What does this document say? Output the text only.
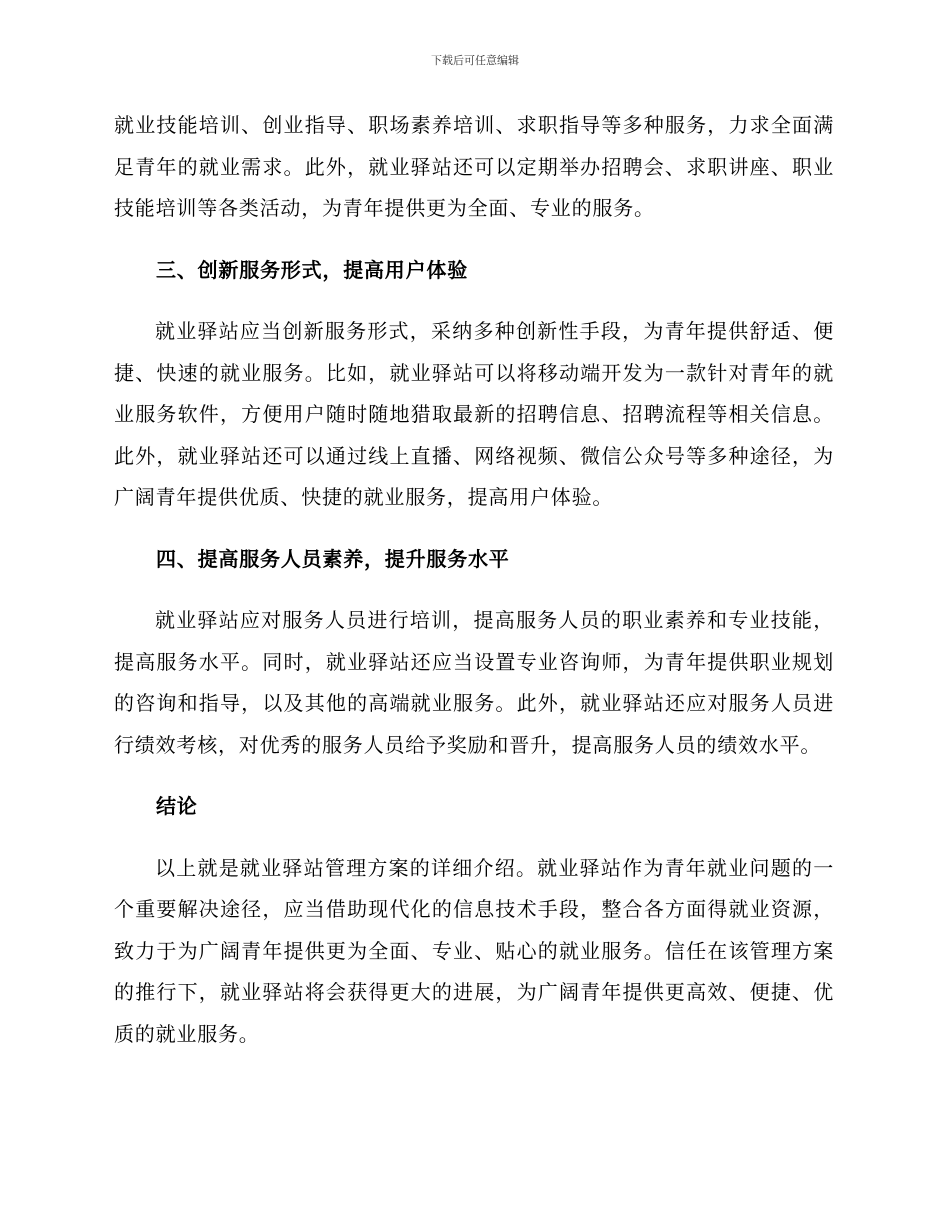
下载后可任意编辑

就业技能培训、创业指导、职场素养培训、求职指导等多种服务，力求全面满足青年的就业需求。此外，就业驿站还可以定期举办招聘会、求职讲座、职业技能培训等各类活动，为青年提供更为全面、专业的服务。

三、创新服务形式，提高用户体验

就业驿站应当创新服务形式，采纳多种创新性手段，为青年提供舒适、便捷、快速的就业服务。比如，就业驿站可以将移动端开发为一款针对青年的就业服务软件，方便用户随时随地猎取最新的招聘信息、招聘流程等相关信息。此外，就业驿站还可以通过线上直播、网络视频、微信公众号等多种途径，为广阔青年提供优质、快捷的就业服务，提高用户体验。

四、提高服务人员素养，提升服务水平

就业驿站应对服务人员进行培训，提高服务人员的职业素养和专业技能，提高服务水平。同时，就业驿站还应当设置专业咨询师，为青年提供职业规划的咨询和指导，以及其他的高端就业服务。此外，就业驿站还应对服务人员进行绩效考核，对优秀的服务人员给予奖励和晋升，提高服务人员的绩效水平。

结论

以上就是就业驿站管理方案的详细介绍。就业驿站作为青年就业问题的一个重要解决途径，应当借助现代化的信息技术手段，整合各方面得就业资源，致力于为广阔青年提供更为全面、专业、贴心的就业服务。信任在该管理方案的推行下，就业驿站将会获得更大的进展，为广阔青年提供更高效、便捷、优质的就业服务。
